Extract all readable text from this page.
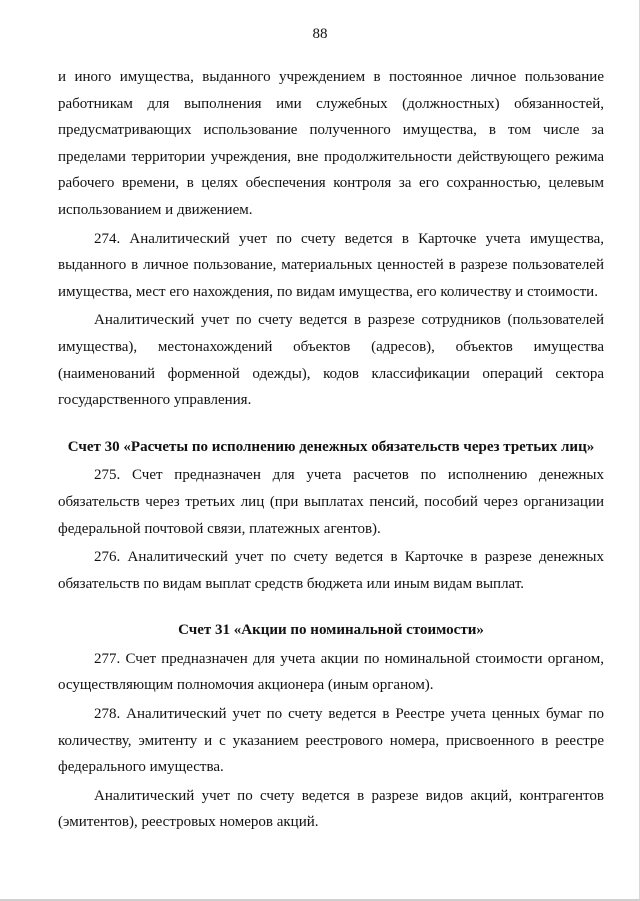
88

и иного имущества, выданного учреждением в постоянное личное пользование работникам для выполнения ими служебных (должностных) обязанностей, предусматривающих использование полученного имущества, в том числе за пределами территории учреждения, вне продолжительности действующего режима рабочего времени, в целях обеспечения контроля за его сохранностью, целевым использованием и движением.

274. Аналитический учет по счету ведется в Карточке учета имущества, выданного в личное пользование, материальных ценностей в разрезе пользователей имущества, мест его нахождения, по видам имущества, его количеству и стоимости.

Аналитический учет по счету ведется в разрезе сотрудников (пользователей имущества), местонахождений объектов (адресов), объектов имущества (наименований форменной одежды), кодов классификации операций сектора государственного управления.

Счет 30 «Расчеты по исполнению денежных обязательств через третьих лиц»

275. Счет предназначен для учета расчетов по исполнению денежных обязательств через третьих лиц (при выплатах пенсий, пособий через организации федеральной почтовой связи, платежных агентов).

276. Аналитический учет по счету ведется в Карточке в разрезе денежных обязательств по видам выплат средств бюджета или иным видам выплат.

Счет 31 «Акции по номинальной стоимости»

277. Счет предназначен для учета акции по номинальной стоимости органом, осуществляющим полномочия акционера (иным органом).

278. Аналитический учет по счету ведется в Реестре учета ценных бумаг по количеству, эмитенту и с указанием реестрового номера, присвоенного в реестре федерального имущества.

Аналитический учет по счету ведется в разрезе видов акций, контрагентов (эмитентов), реестровых номеров акций.
